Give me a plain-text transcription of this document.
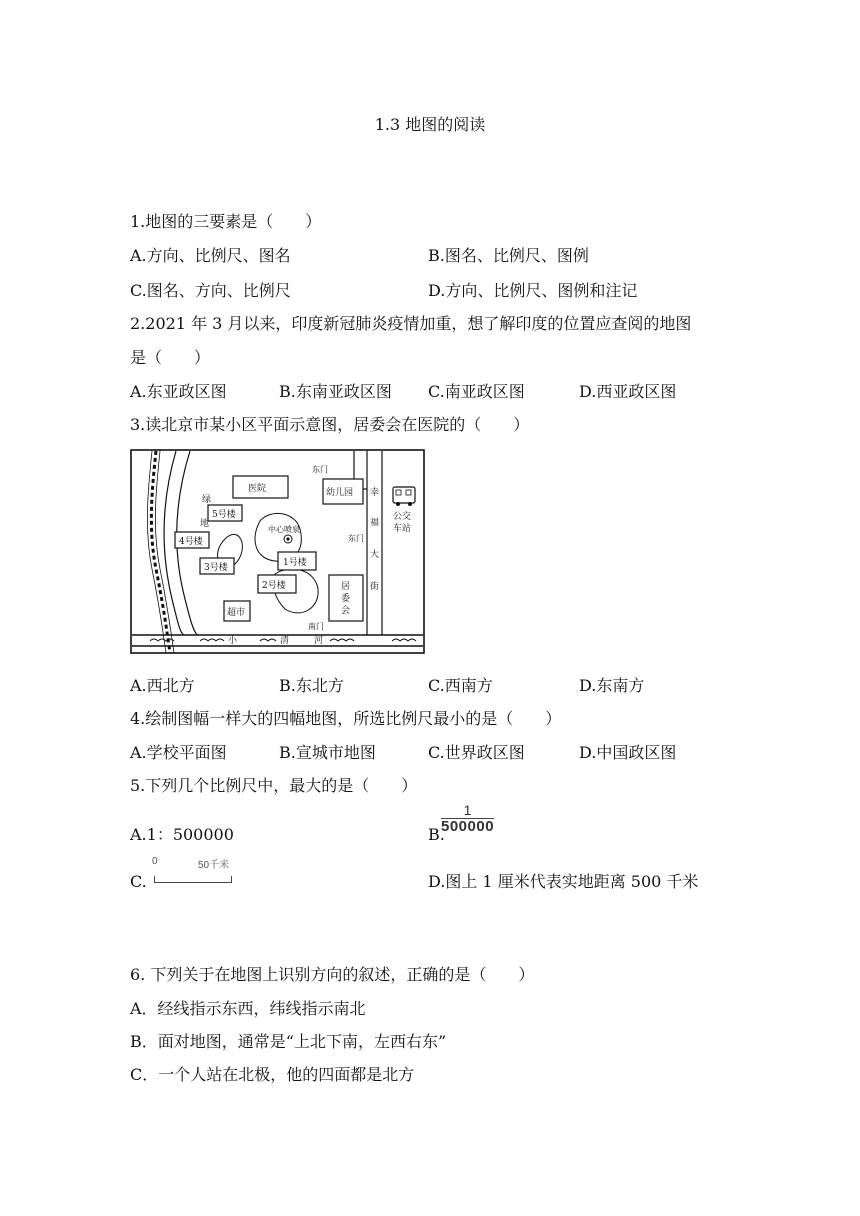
1.3 地图的阅读
1.地图的三要素是（　　）
A.方向、比例尺、图名	B.图名、比例尺、图例
C.图名、方向、比例尺	D.方向、比例尺、图例和注记
2.2021 年 3 月以来，印度新冠肺炎疫情加重，想了解印度的位置应查阅的地图
是（　　）
A.东亚政区图	B.东南亚政区图 C.南亚政区图	D.西亚政区图
3.读北京市某小区平面示意图，居委会在医院的（　　）
医院	幼儿园
5号楼
4号楼
3号楼	1号楼
2号楼
超市
居
委
会
中心喷泉
绿
地
东门
东门
南门
幸
福
大
街
公交
车站
小	清	河
A.西北方	B.东北方	C.西南方	D.东南方
4.绘制图幅一样大的四幅地图，所选比例尺最小的是（　　）
A.学校平面图	B.宣城市地图	C.世界政区图	D.中国政区图
5.下列几个比例尺中，最大的是（　　）
A.1：500000	B.
1
500000
C.
0	50千米
D.图上 1 厘米代表实地距离 500 千米
6. 下列关于在地图上识别方向的叙述，正确的是（　　）
A．经线指示东西，纬线指示南北
B．面对地图，通常是“上北下南，左西右东”
C．一个人站在北极，他的四面都是北方
